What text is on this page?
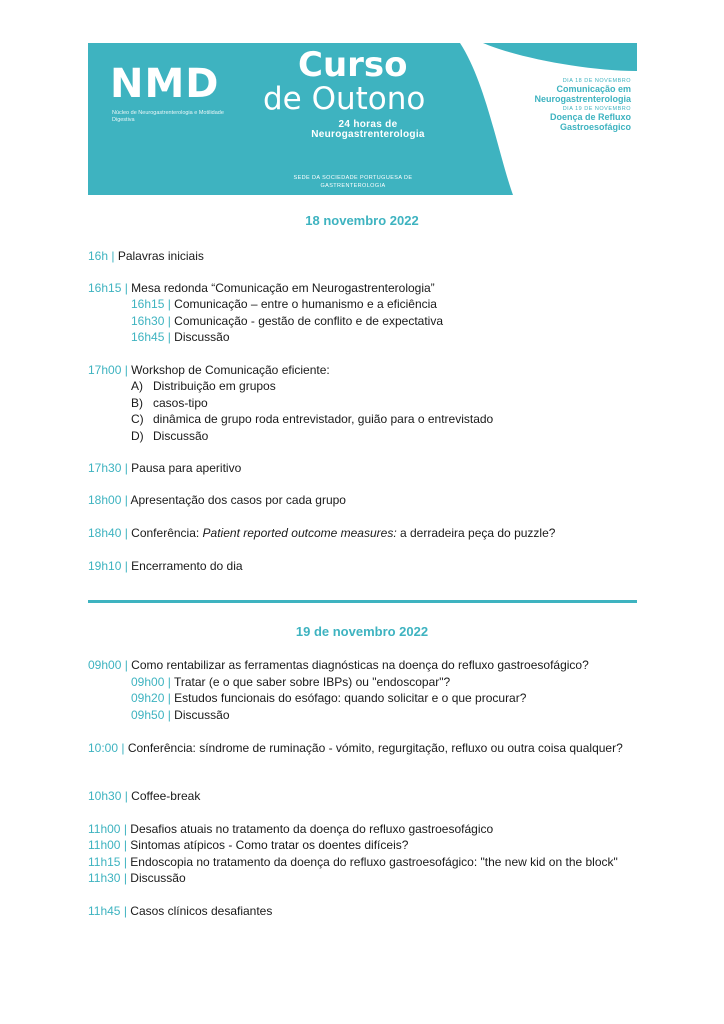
NMD
Núcleo de Neurogastrenterologia e Motilidade Digestiva
Curso
de Outono
24 horas de Neurogastrenterologia
SEDE DA SOCIEDADE PORTUGUESA DE GASTRENTEROLOGIA
DIA 18 DE NOVEMBRO
Comunicação em Neurogastrenterologia
DIA 19 DE NOVEMBRO
Doença de Refluxo Gastroesofágico
18 novembro 2022
16h | Palavras iniciais
16h15 | Mesa redonda “Comunicação em Neurogastrenterologia”
16h15 | Comunicação – entre o humanismo e a eficiência
16h30 | Comunicação - gestão de conflito e de expectativa
16h45 | Discussão
17h00 | Workshop de Comunicação eficiente:
A) Distribuição em grupos
B) casos-tipo
C) dinâmica de grupo roda entrevistador, guião para o entrevistado
D) Discussão
17h30 | Pausa para aperitivo
18h00 | Apresentação dos casos por cada grupo
18h40 | Conferência: Patient reported outcome measures: a derradeira peça do puzzle?
19h10 | Encerramento do dia
19 de novembro 2022
09h00 | Como rentabilizar as ferramentas diagnósticas na doença do refluxo gastroesofágico?
09h00 | Tratar (e o que saber sobre IBPs) ou "endoscopar"?
09h20 | Estudos funcionais do esófago: quando solicitar e o que procurar?
09h50 | Discussão
10:00 | Conferência: síndrome de ruminação - vómito, regurgitação, refluxo ou outra coisa qualquer?
10h30 | Coffee-break
11h00 | Desafios atuais no tratamento da doença do refluxo gastroesofágico
11h00 | Sintomas atípicos - Como tratar os doentes difíceis?
11h15 | Endoscopia no tratamento da doença do refluxo gastroesofágico: "the new kid on the block"
11h30 | Discussão
11h45 | Casos clínicos desafiantes
